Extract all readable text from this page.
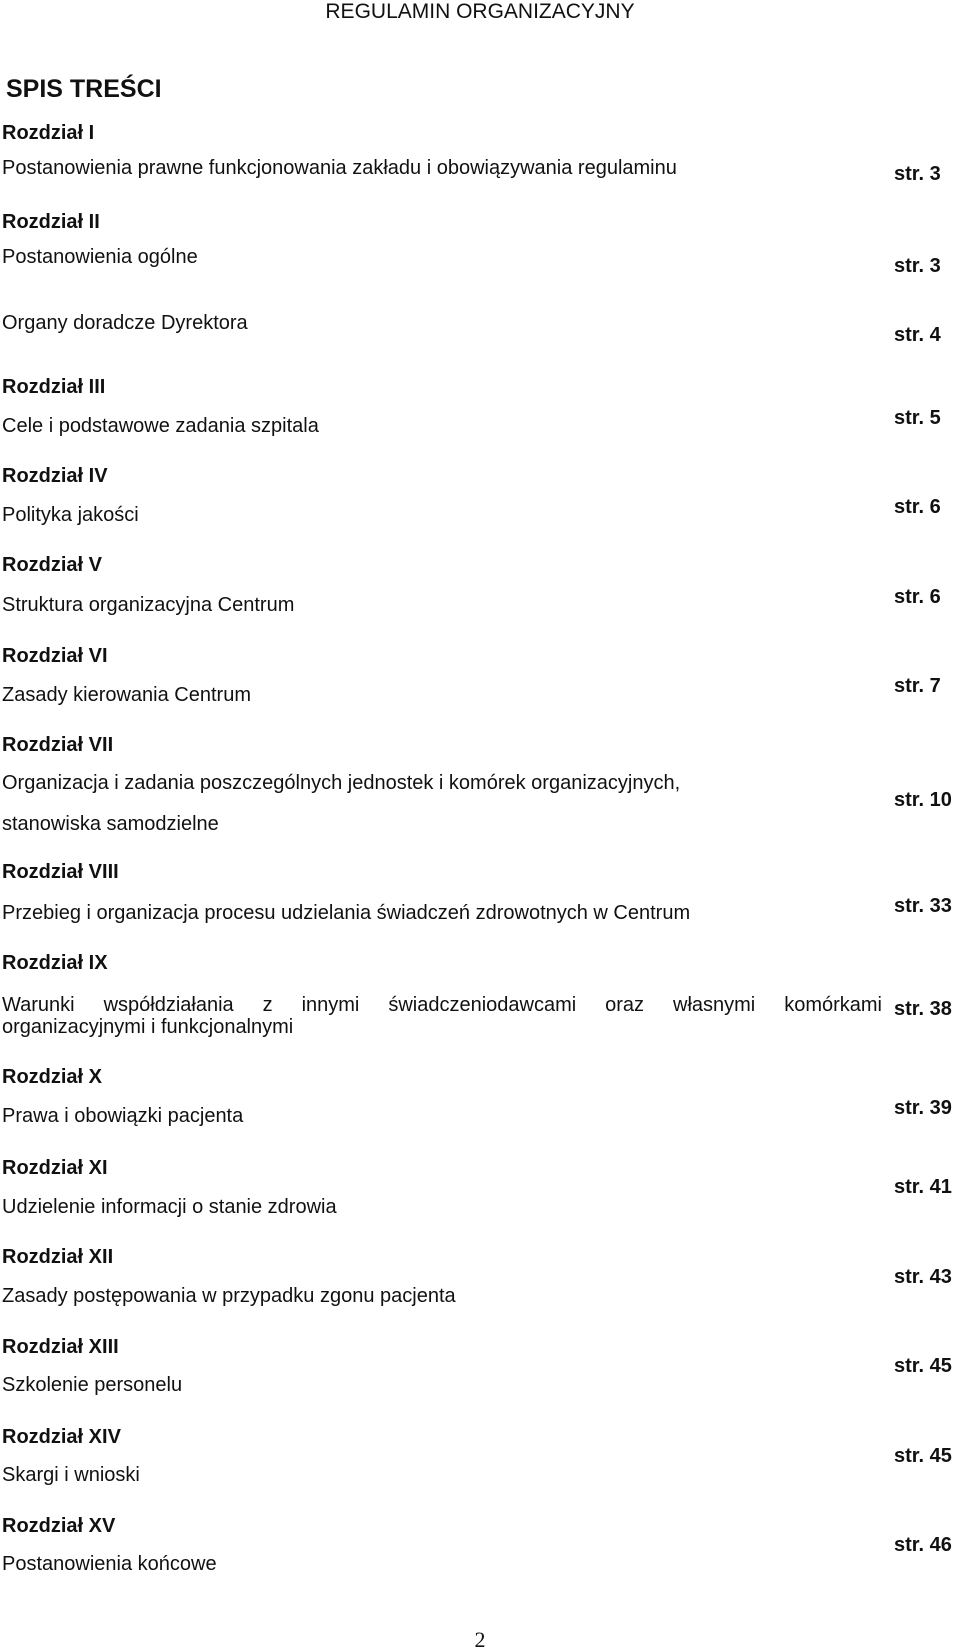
REGULAMIN ORGANIZACYJNY
SPIS TREŚCI
Rozdział I
Postanowienia prawne funkcjonowania zakładu i obowiązywania regulaminu	str. 3
Rozdział II
Postanowienia ogólne	str. 3
Organy doradcze Dyrektora
str. 4
Rozdział III
Cele i podstawowe zadania szpitala	str. 5
Rozdział IV
Polityka jakości	str. 6
Rozdział V
Struktura organizacyjna Centrum	str. 6
Rozdział VI
Zasady kierowania Centrum	str. 7
Rozdział VII
Organizacja i zadania poszczególnych jednostek i komórek organizacyjnych,
stanowiska samodzielne
str. 10
Rozdział VIII
Przebieg i organizacja procesu udzielania świadczeń zdrowotnych w Centrum	str. 33
Rozdział IX
Warunki współdziałania z innymi świadczeniodawcami oraz własnymi komórkami
organizacyjnymi i funkcjonalnymi
str. 38
Rozdział X
Prawa i obowiązki pacjenta	str. 39
Rozdział XI
Udzielenie informacji o stanie zdrowia
str. 41
Rozdział XII
Zasady postępowania w przypadku zgonu pacjenta
str. 43
Rozdział XIII
Szkolenie personelu
str. 45
Rozdział XIV
Skargi i wnioski
str. 45
Rozdział XV
Postanowienia końcowe
str. 46
2
